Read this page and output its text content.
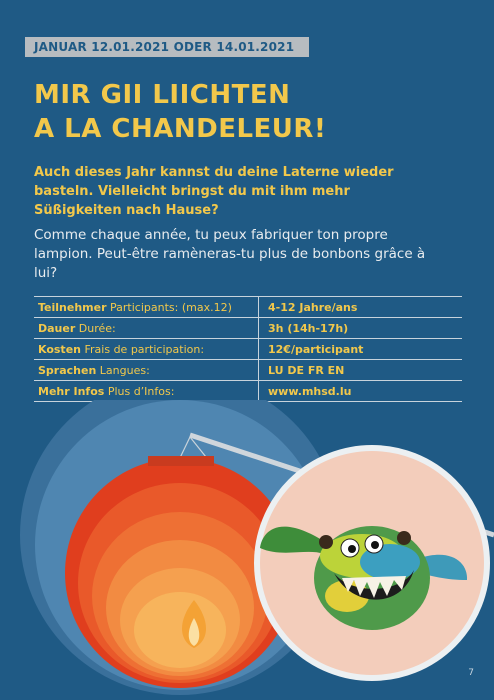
JANUAR 12.01.2021 ODER 14.01.2021
MIR GII LIICHTEN
A LA CHANDELEUR!

Auch dieses Jahr kannst du deine Laterne wieder basteln. Vielleicht bringst du mit ihm mehr Süßigkeiten nach Hause?

Comme chaque année, tu peux fabriquer ton propre lampion. Peut-être ramèneras-tu plus de bonbons grâce à lui?

Teilnehmer Participants: (max.12)	4-12 Jahre/ans
Dauer Durée:	3h (14h-17h)
Kosten Frais de participation:	12€/participant
Sprachen Langues:	LU DE FR EN
Mehr Infos Plus d’Infos:	www.mhsd.lu
7
